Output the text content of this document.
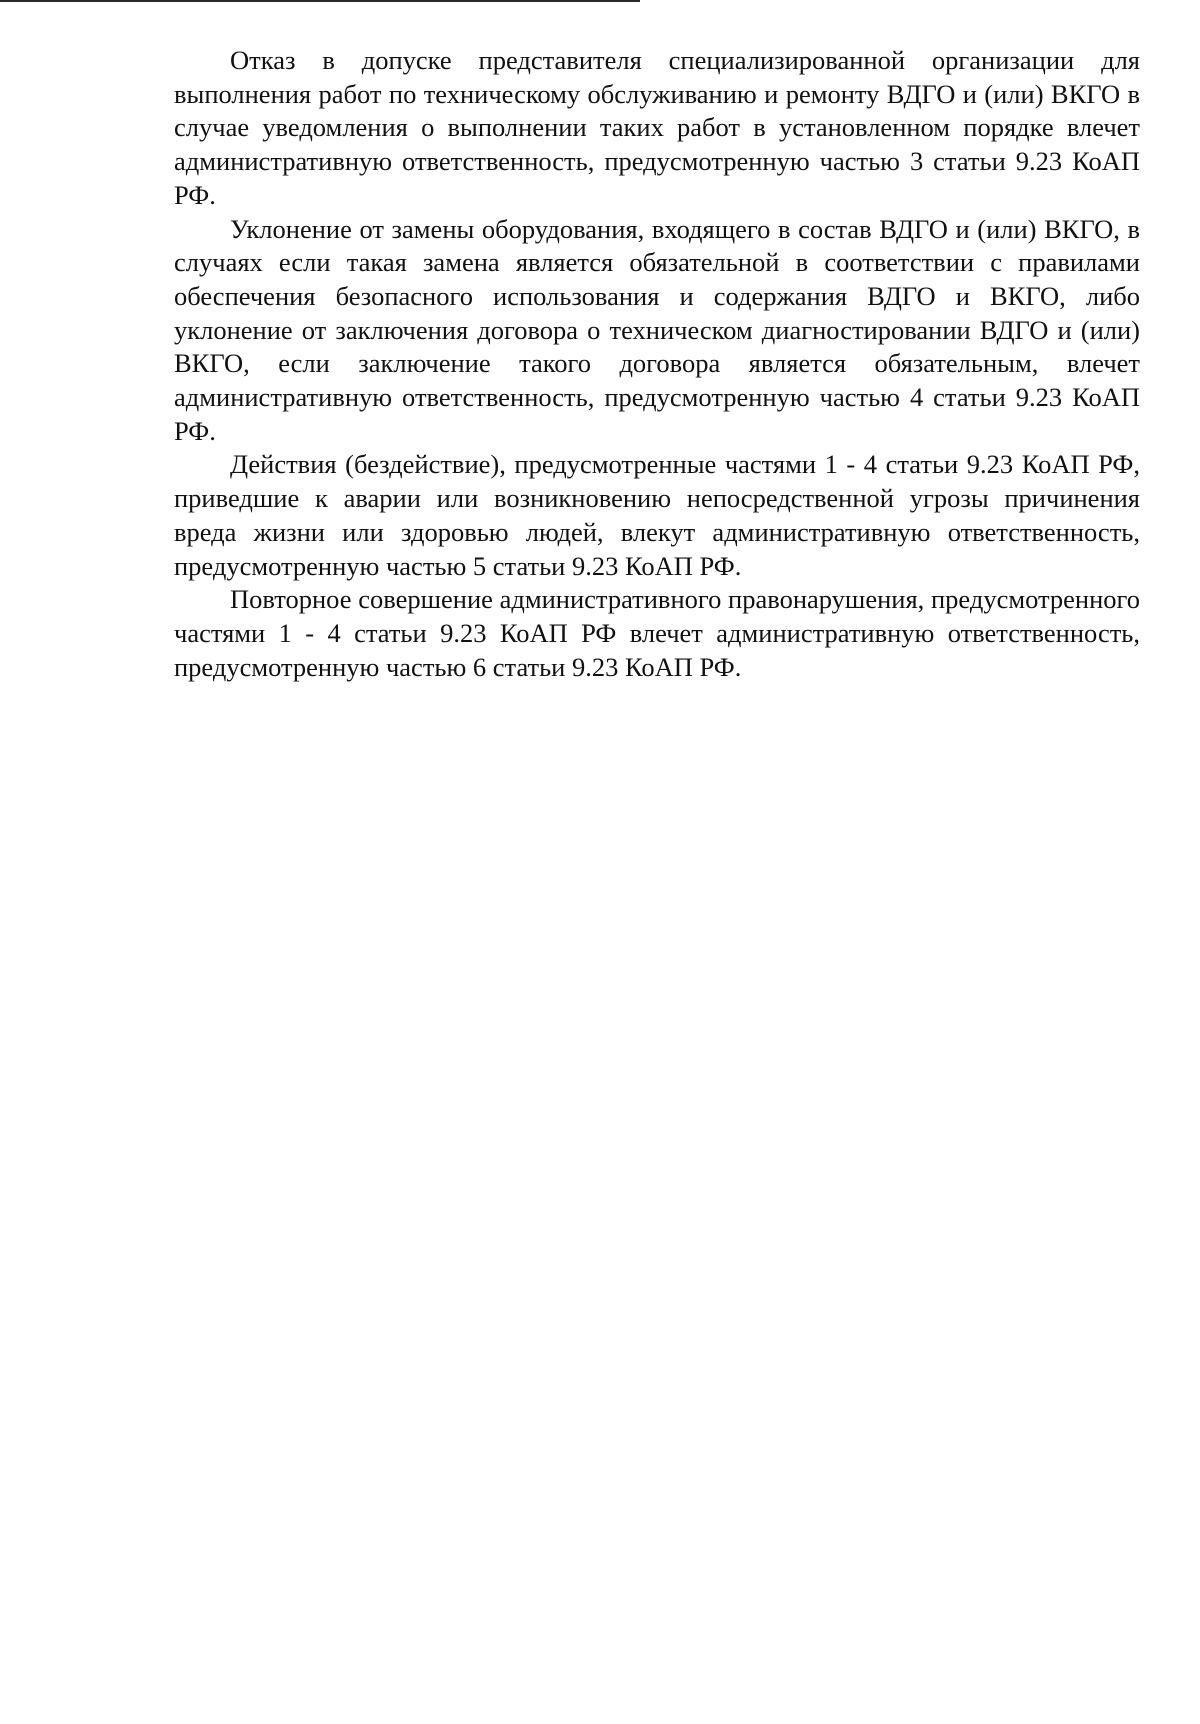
Отказ в допуске представителя специализированной организации для выполнения работ по техническому обслуживанию и ремонту ВДГО и (или) ВКГО в случае уведомления о выполнении таких работ в установленном порядке влечет административную ответственность, предусмотренную частью 3 статьи 9.23 КоАП РФ.

Уклонение от замены оборудования, входящего в состав ВДГО и (или) ВКГО, в случаях если такая замена является обязательной в соответствии с правилами обеспечения безопасного использования и содержания ВДГО и ВКГО, либо уклонение от заключения договора о техническом диагностировании ВДГО и (или) ВКГО, если заключение такого договора является обязательным, влечет административную ответственность, предусмотренную частью 4 статьи 9.23 КоАП РФ.

Действия (бездействие), предусмотренные частями 1 - 4 статьи 9.23 КоАП РФ, приведшие к аварии или возникновению непосредственной угрозы причинения вреда жизни или здоровью людей, влекут административную ответственность, предусмотренную частью 5 статьи 9.23 КоАП РФ.

Повторное совершение административного правонарушения, предусмотренного частями 1 - 4 статьи 9.23 КоАП РФ влечет административную ответственность, предусмотренную частью 6 статьи 9.23 КоАП РФ.
